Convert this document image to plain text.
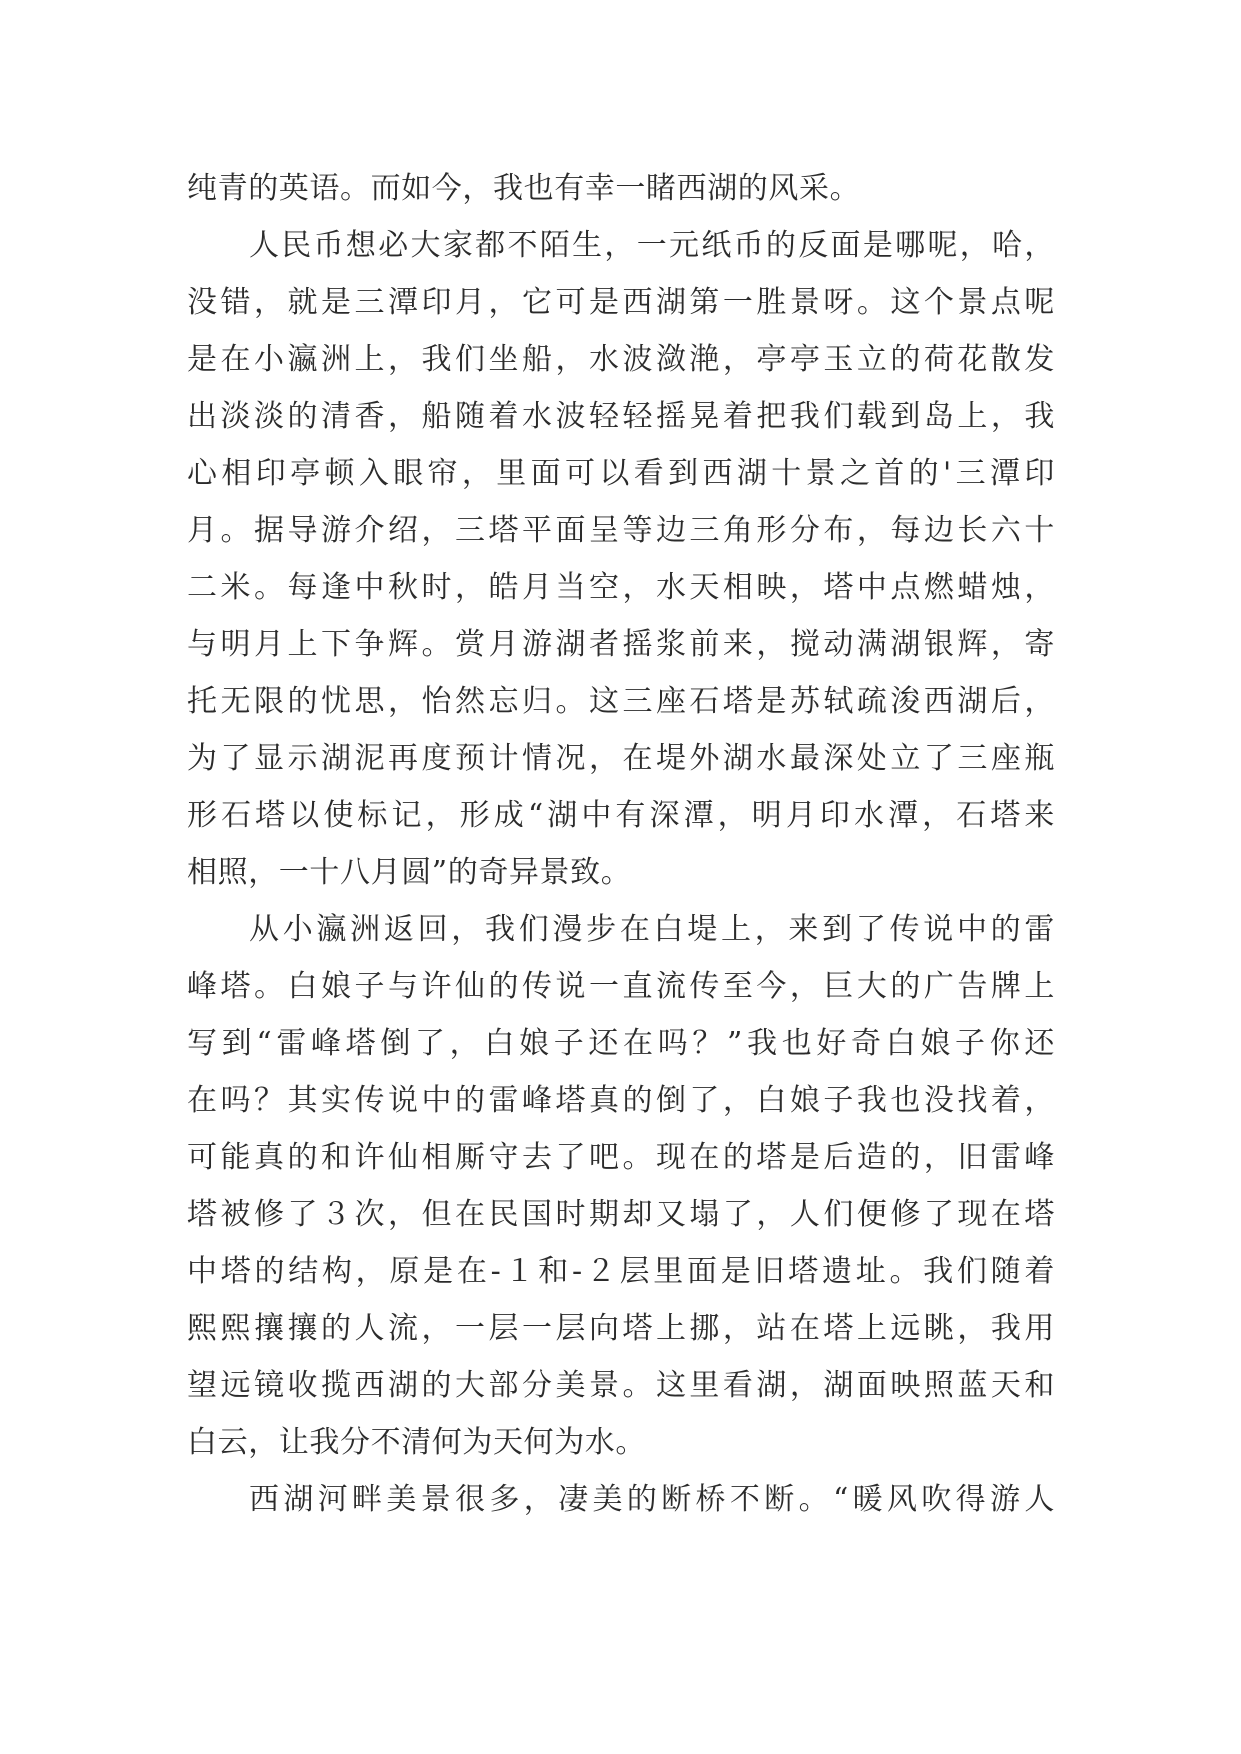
纯青的英语。而如今，我也有幸一睹西湖的风采。
人民币想必大家都不陌生，一元纸币的反面是哪呢，哈，
没错，就是三潭印月，它可是西湖第一胜景呀。这个景点呢
是在小瀛洲上，我们坐船，水波潋滟，亭亭玉立的荷花散发
出淡淡的清香，船随着水波轻轻摇晃着把我们载到岛上，我
心相印亭顿入眼帘，里面可以看到西湖十景之首的'三潭印
月。据导游介绍，三塔平面呈等边三角形分布，每边长六十
二米。每逢中秋时，皓月当空，水天相映，塔中点燃蜡烛，
与明月上下争辉。赏月游湖者摇浆前来，搅动满湖银辉，寄
托无限的忧思，怡然忘归。这三座石塔是苏轼疏浚西湖后，
为了显示湖泥再度预计情况，在堤外湖水最深处立了三座瓶
形石塔以使标记，形成“湖中有深潭，明月印水潭，石塔来
相照，一十八月圆”的奇异景致。
从小瀛洲返回，我们漫步在白堤上，来到了传说中的雷
峰塔。白娘子与许仙的传说一直流传至今，巨大的广告牌上
写到“雷峰塔倒了，白娘子还在吗？”我也好奇白娘子你还
在吗？其实传说中的雷峰塔真的倒了，白娘子我也没找着，
可能真的和许仙相厮守去了吧。现在的塔是后造的，旧雷峰
塔被修了３次，但在民国时期却又塌了，人们便修了现在塔
中塔的结构，原是在-１和-２层里面是旧塔遗址。我们随着
熙熙攘攘的人流，一层一层向塔上挪，站在塔上远眺，我用
望远镜收揽西湖的大部分美景。这里看湖，湖面映照蓝天和
白云，让我分不清何为天何为水。
西湖河畔美景很多，凄美的断桥不断。“暖风吹得游人
